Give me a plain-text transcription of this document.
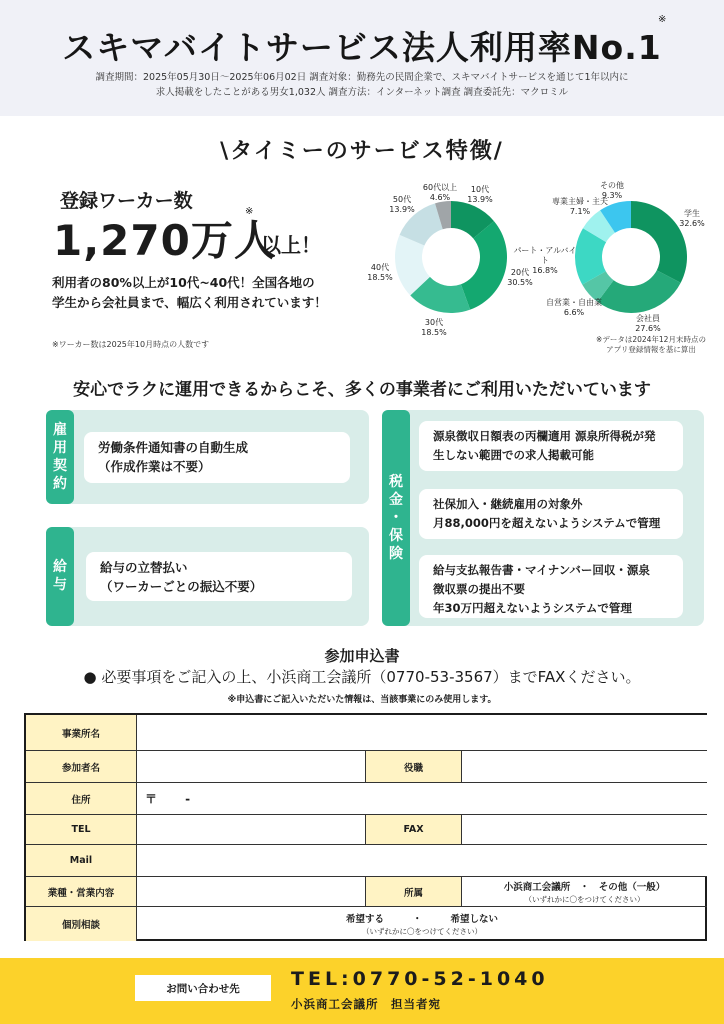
スキマバイトサービス法人利用率No.1
※
調査期間：2025年05月30日〜2025年06月02日 調査対象：勤務先の民間企業で、スキマバイトサービスを通じて1年以内に
求人掲載をしたことがある男女1,032人 調査方法：インターネット調査 調査委託先：マクロミル
\タイミーのサービス特徴/
登録ワーカー数
1,270万人
※
以上！
利用者の80%以上が10代~40代！全国各地の学生から会社員まで、幅広く利用されています！
※ワーカー数は2025年10月時点の人数です
10代
13.9%
20代
30.5%
30代
18.5%
40代
18.5%
50代
13.9%
60代以上
4.6%
学生
32.6%
会社員
27.6%
自営業・自由業
6.6%
パート・アルバイト
16.8%
専業主婦・主夫
7.1%
その他
9.3%
※データは2024年12月末時点のアプリ登録情報を基に算出
安心でラクに運用できるからこそ、多くの事業者にご利用いただいています
雇
用
契
約
労働条件通知書の自動生成
（作成作業は不要）
給
与
給与の立替払い
（ワーカーごとの振込不要）
税
金
・
保
険
源泉徴収日額表の丙欄適用 源泉所得税が発
生しない範囲での求人掲載可能
社保加入・継続雇用の対象外
月88,000円を超えないようシステムで管理
給与支払報告書・マイナンバー回収・源泉
徴収票の提出不要
年30万円超えないようシステムで管理
参加申込書
● 必要事項をご記入の上、小浜商工会議所（0770-53-3567）までFAXください。
※申込書にご記入いただいた情報は、当該事業にのみ使用します。
事業所名
参加者名	役職
住所	〒　　 -
TEL	FAX
Mail
業種・営業内容	所属
小浜商工会議所　・　その他（一般）
（いずれかに〇をつけてください）
個別相談
希望する　　　・　　　希望しない
（いずれかに〇をつけてください）
お問い合わせ先	TEL:0770-52-1040
小浜商工会議所　担当者宛
